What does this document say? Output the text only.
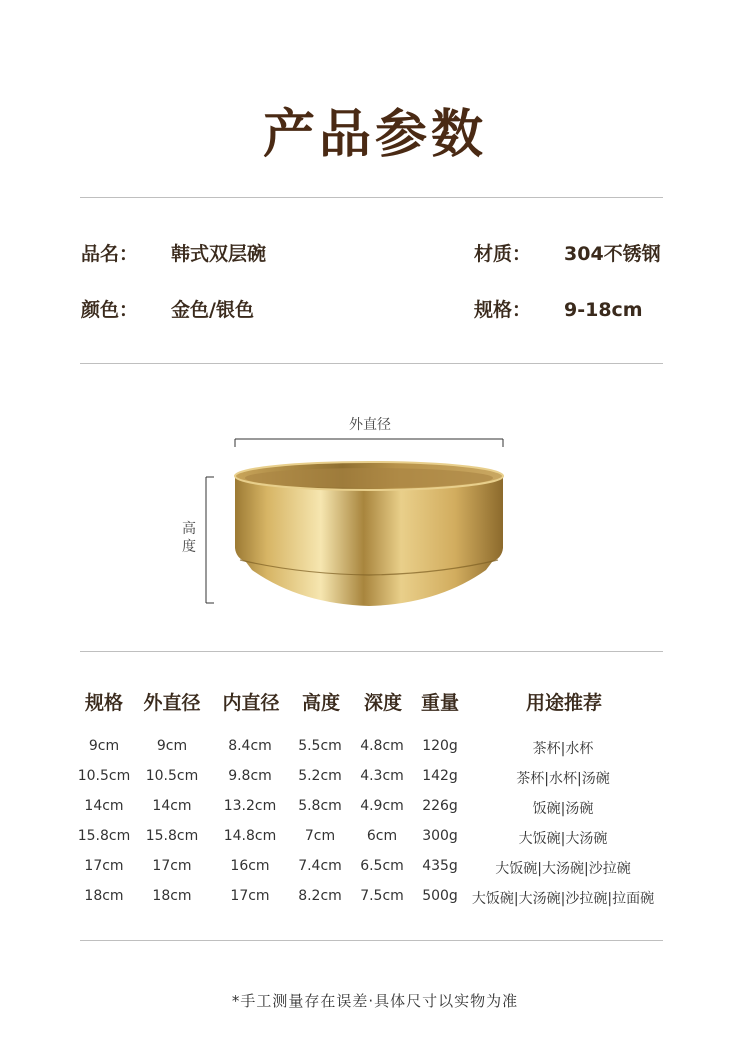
产品参数
品名： 韩式双层碗	材质： 304不锈钢
颜色： 金色/银色	规格： 9-18cm
外直径
高
度
规格	外直径	内直径	高度	深度 重量	用途推荐
9cm	9cm	8.4cm	5.5cm	4.8cm	120g	茶杯|水杯
10.5cm	10.5cm	9.8cm	5.2cm	4.3cm	142g	茶杯|水杯|汤碗
14cm	14cm	13.2cm	5.8cm	4.9cm	226g	饭碗|汤碗
15.8cm	15.8cm	14.8cm	7cm	6cm	300g	大饭碗|大汤碗
17cm	17cm	16cm	7.4cm	6.5cm	435g	大饭碗|大汤碗|沙拉碗
18cm	18cm	17cm	8.2cm	7.5cm	500g	大饭碗|大汤碗|沙拉碗|拉面碗
*手工测量存在误差·具体尺寸以实物为准
